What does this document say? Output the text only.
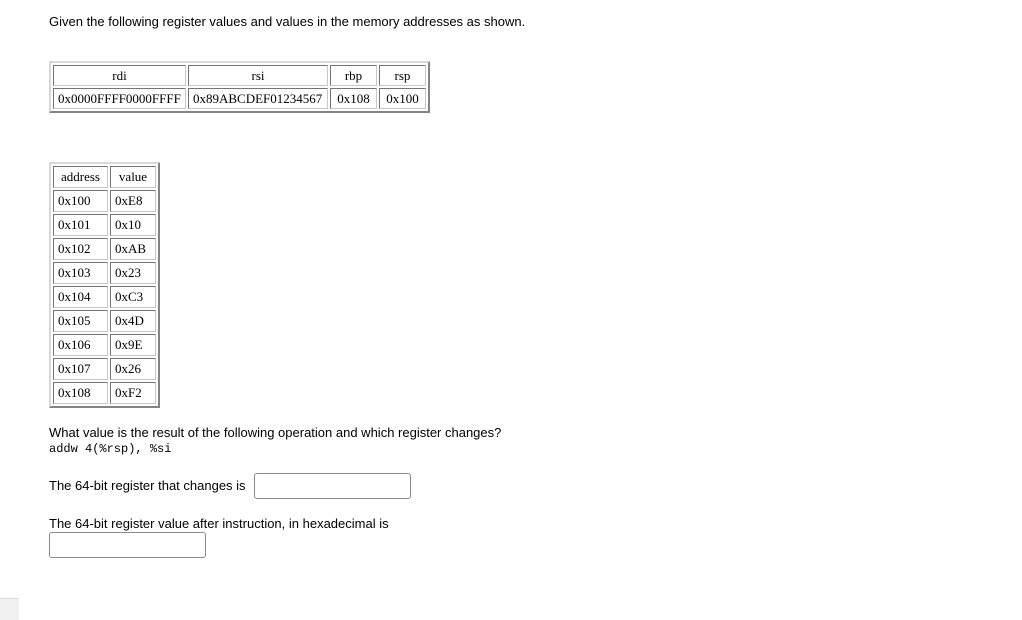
Given the following register values and values in the memory addresses as shown.
rdi	rsi	rbp	rsp
0x0000FFFF0000FFFF	0x89ABCDEF01234567	0x108	0x100
address	value
0x100	0xE8
0x101	0x10
0x102	0xAB
0x103	0x23
0x104	0xC3
0x105	0x4D
0x106	0x9E
0x107	0x26
0x108	0xF2
What value is the result of the following operation and which register changes?
addw 4(%rsp), %si
The 64-bit register that changes is
The 64-bit register value after instruction, in hexadecimal is
